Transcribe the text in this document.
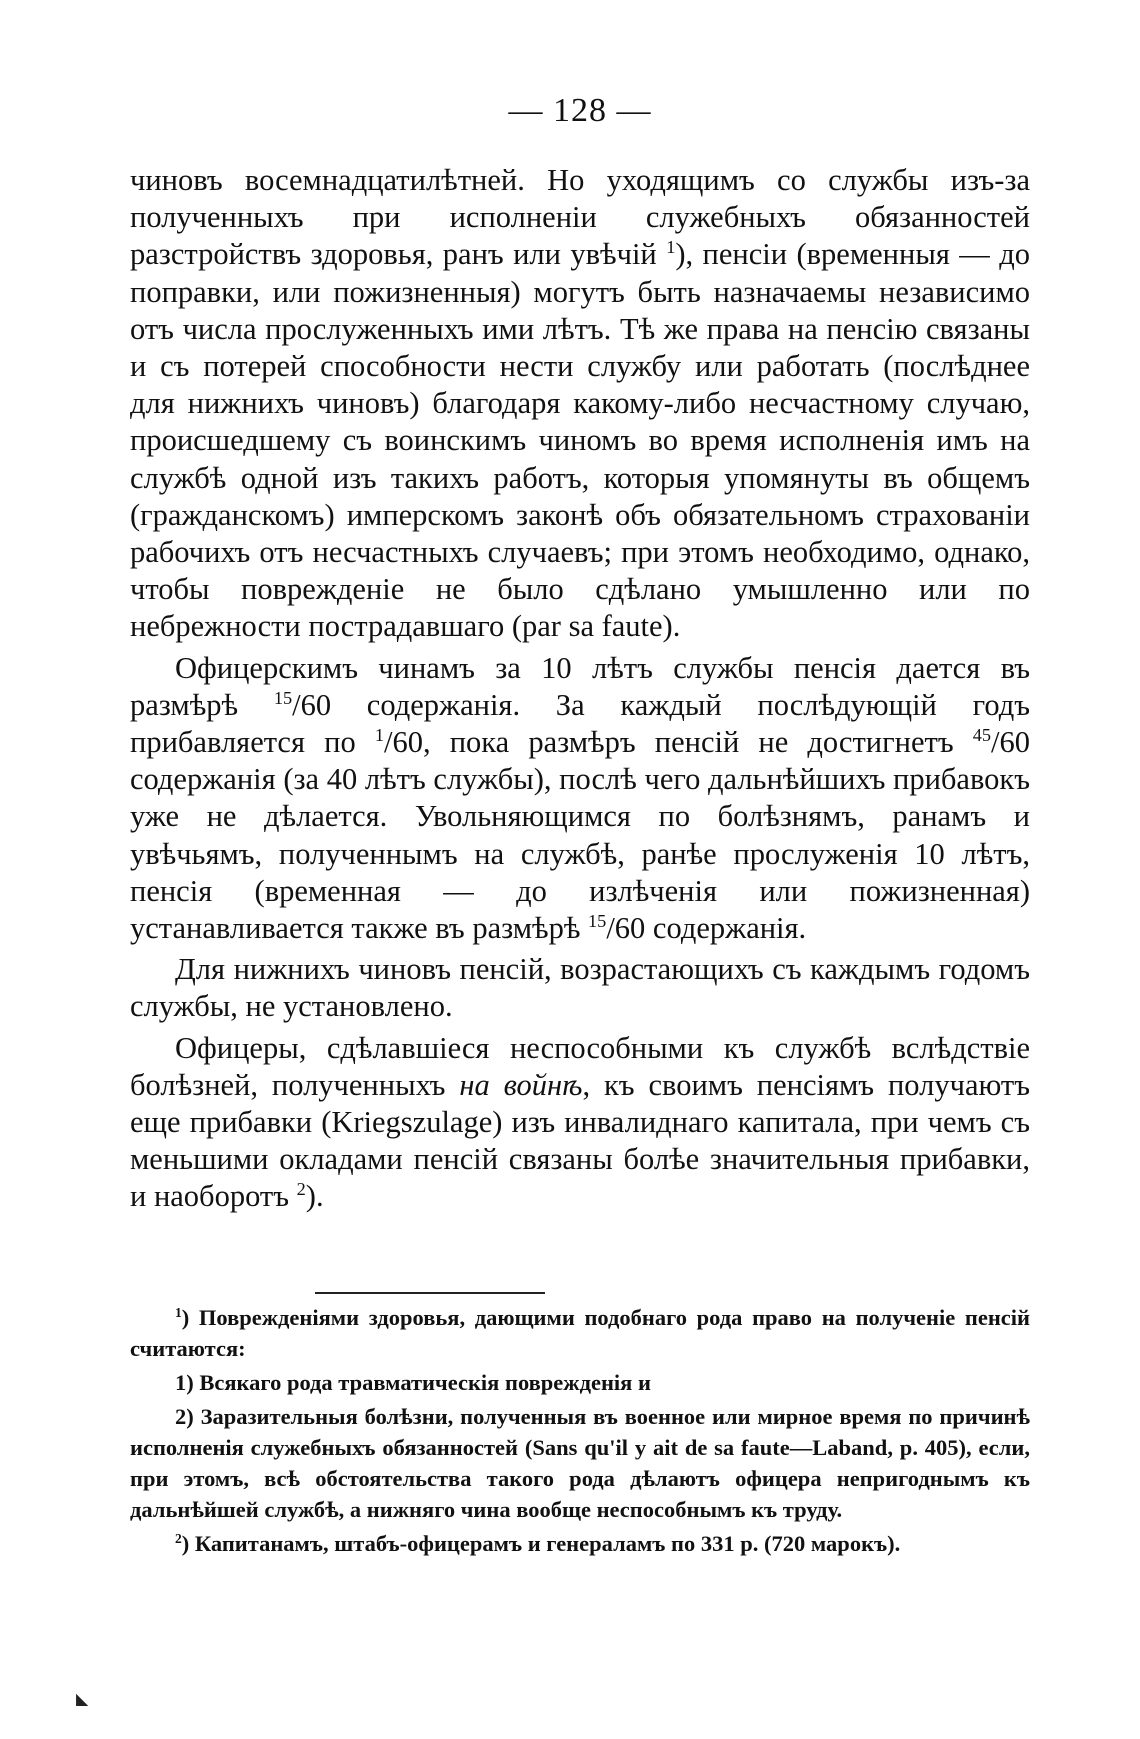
— 128 —

чиновъ восемнадцатилѣтней. Но уходящимъ со службы изъ-за полученныхъ при исполненіи служебныхъ обязанностей разстройствъ здоровья, ранъ или увѣчій $^1$), пенсіи (временныя — до поправки, или пожизненныя) могутъ быть назначаемы независимо отъ числа прослуженныхъ ими лѣтъ. Тѣ же права на пенсію связаны и съ потерей способности нести службу или работать (послѣднее для нижнихъ чиновъ) благодаря какому-либо несчастному случаю, происшедшему съ воинскимъ чиномъ во время исполненія имъ на службѣ одной изъ такихъ работъ, которыя упомянуты въ общемъ (гражданскомъ) имперскомъ законѣ объ обязательномъ страхованіи рабочихъ отъ несчастныхъ случаевъ; при этомъ необходимо, однако, чтобы поврежденіе не было сдѣлано умышленно или по небрежности пострадавшаго (par sa faute).

Офицерскимъ чинамъ за 10 лѣтъ службы пенсія дается въ размѣрѣ $^{15}$/60 содержанія. За каждый послѣдующій годъ прибавляется по $^1$/60, пока размѣръ пенсій не достигнетъ $^{45}$/60 содержанія (за 40 лѣтъ службы), послѣ чего дальнѣйшихъ прибавокъ уже не дѣлается. Увольняющимся по болѣзнямъ, ранамъ и увѣчьямъ, полученнымъ на службѣ, ранѣе прослуженія 10 лѣтъ, пенсія (временная — до излѣченія или пожизненная) устанавливается также въ размѣрѣ $^{15}$/60 содержанія.

Для нижнихъ чиновъ пенсій, возрастающихъ съ каждымъ годомъ службы, не установлено.

Офицеры, сдѣлавшіеся неспособными къ службѣ вслѣдствіе болѣзней, полученныхъ на войнѣ, къ своимъ пенсіямъ получаютъ еще прибавки (Kriegszulage) изъ инвалиднаго капитала, при чемъ съ меньшими окладами пенсій связаны болѣе значительныя прибавки, и наоборотъ $^2$).

$^1$) Поврежденіями здоровья, дающими подобнаго рода право на полученіе пенсій считаются:

1) Всякаго рода травматическія поврежденія и

2) Заразительныя болѣзни, полученныя въ военное или мирное время по причинѣ исполненія служебныхъ обязанностей (Sans qu'il y ait de sa faute—Laband, p. 405), если, при этомъ, всѣ обстоятельства такого рода дѣлаютъ офицера непригоднымъ къ дальнѣйшей службѣ, а нижняго чина вообще неспособнымъ къ труду.

$^2$) Капитанамъ, штабъ-офицерамъ и генераламъ по 331 р. (720 марокъ).

◣
